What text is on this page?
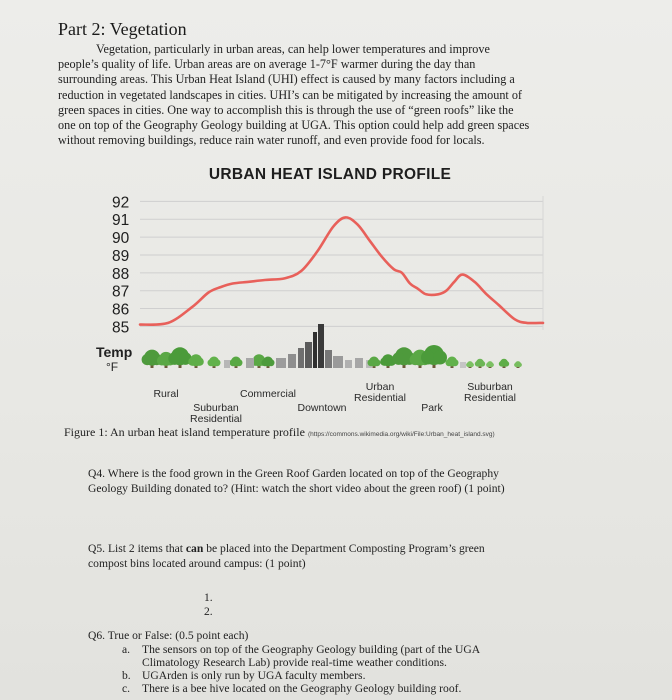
Part 2: Vegetation

Vegetation, particularly in urban areas, can help lower temperatures and improve
people’s quality of life. Urban areas are on average 1-7°F warmer during the day than
surrounding areas. This Urban Heat Island (UHI) effect is caused by many factors including a
reduction in vegetated landscapes in cities. UHI’s can be mitigated by increasing the amount of
green spaces in cities. One way to accomplish this is through the use of “green roofs” like the
one on top of the Geography Geology building at UGA. This option could help add green spaces
without removing buildings, reduce rain water runoff, and even provide food for locals.

URBAN HEAT ISLAND PROFILE
92
91
90
89
88
87
86
85
Temp
°F
Rural	Commercial
Urban Residential
Suburban Residential
Suburban Residential
Downtown	Park
Figure 1: An urban heat island temperature profile (https://commons.wikimedia.org/wiki/File:Urban_heat_island.svg)

Q4. Where is the food grown in the Green Roof Garden located on top of the Geography
Geology Building donated to? (Hint: watch the short video about the green roof) (1 point)

Q5. List 2 items that can be placed into the Department Composting Program’s green
compost bins located around campus: (1 point)

1.
2.

Q6. True or False: (0.5 point each)

a. The sensors on top of the Geography Geology building (part of the UGA
Climatology Research Lab) provide real-time weather conditions.
b. UGArden is only run by UGA faculty members.
c. There is a bee hive located on the Geography Geology building roof.
